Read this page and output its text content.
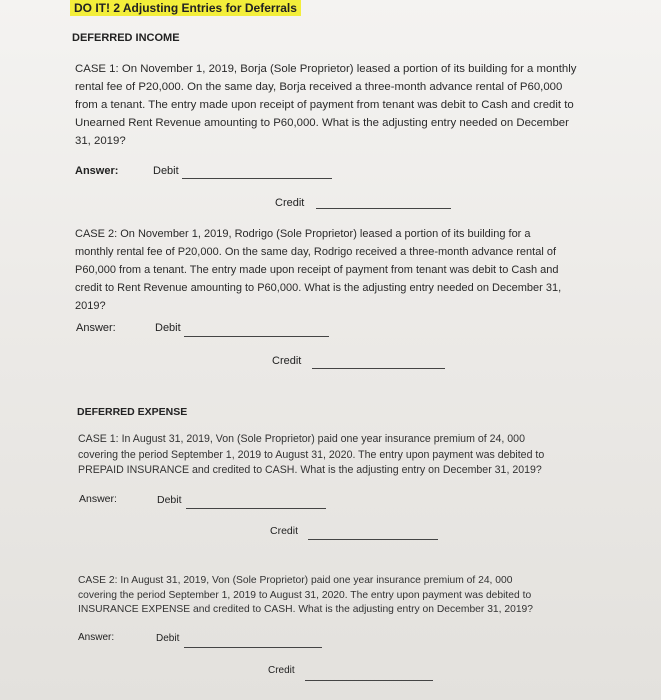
DO IT! 2 Adjusting Entries for Deferrals
DEFERRED INCOME
CASE 1: On November 1, 2019, Borja (Sole Proprietor) leased a portion of its building for a monthly
rental fee of P20,000. On the same day, Borja received a three-month advance rental of P60,000
from a tenant. The entry made upon receipt of payment from tenant was debit to Cash and credit to
Unearned Rent Revenue amounting to P60,000. What is the adjusting entry needed on December
31, 2019?
Answer:	Debit
Credit
CASE 2: On November 1, 2019, Rodrigo (Sole Proprietor) leased a portion of its building for a
monthly rental fee of P20,000. On the same day, Rodrigo received a three-month advance rental of
P60,000 from a tenant. The entry made upon receipt of payment from tenant was debit to Cash and
credit to Rent Revenue amounting to P60,000. What is the adjusting entry needed on December 31,
2019?
Answer:	Debit
Credit
DEFERRED EXPENSE
CASE 1: In August 31, 2019, Von (Sole Proprietor) paid one year insurance premium of 24, 000
covering the period September 1, 2019 to August 31, 2020. The entry upon payment was debited to
PREPAID INSURANCE and credited to CASH. What is the adjusting entry on December 31, 2019?
Answer:	Debit
Credit
CASE 2: In August 31, 2019, Von (Sole Proprietor) paid one year insurance premium of 24, 000
covering the period September 1, 2019 to August 31, 2020. The entry upon payment was debited to
INSURANCE EXPENSE and credited to CASH. What is the adjusting entry on December 31, 2019?
Answer:	Debit
Credit
